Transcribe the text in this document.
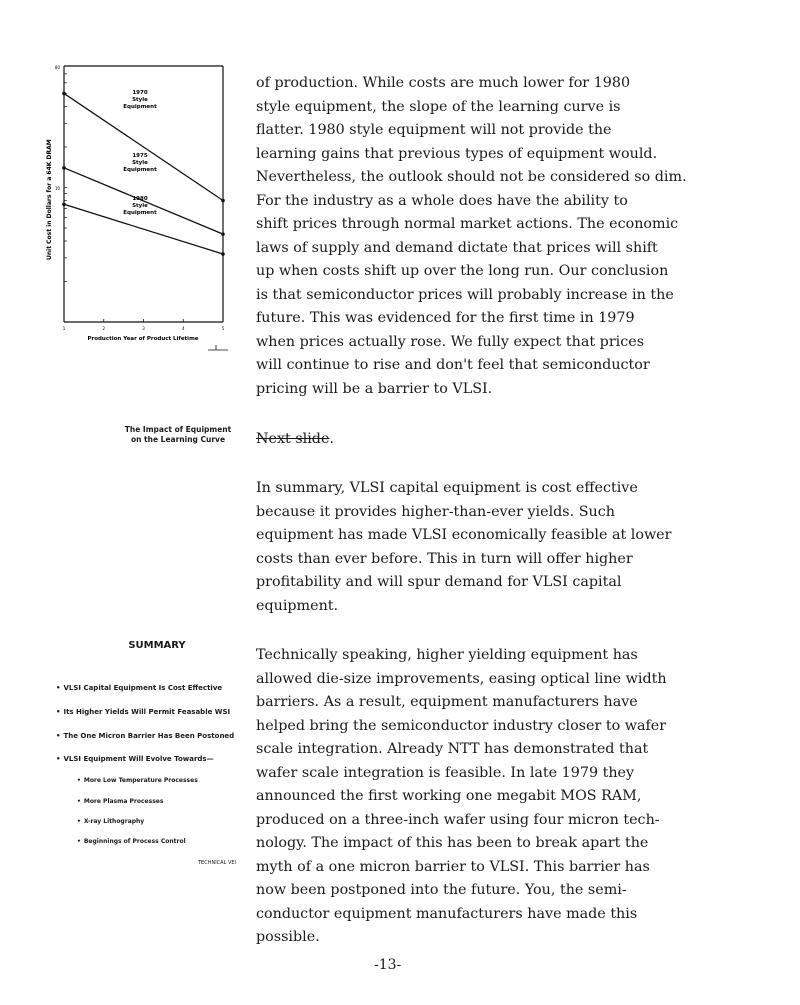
80
10
Unit Cost in Dollars for a 64K DRAM
Production Year of Product Lifetime
1	2	3	4	5
1970
Style
Equipment
1975
Style
Equipment
1980
Style
Equipment
The Impact of Equipment
on the Learning Curve
SUMMARY
• VLSI Capital Equipment Is Cost Effective
• Its Higher Yields Will Permit Feasable WSI
• The One Micron Barrier Has Been Postoned
• VLSI Equipment Will Evolve Towards—
• More Low Temperature Processes
• More Plasma Processes
• X-ray Lithography
• Beginnings of Process Control
TECHNICAL VEI

of production. While costs are much lower for 1980

style equipment, the slope of the learning curve is

flatter. 1980 style equipment will not provide the

learning gains that previous types of equipment would.

Nevertheless, the outlook should not be considered so dim.

For the industry as a whole does have the ability to

shift prices through normal market actions. The economic

laws of supply and demand dictate that prices will shift

up when costs shift up over the long run. Our conclusion

is that semiconductor prices will probably increase in the

future. This was evidenced for the first time in 1979

when prices actually rose. We fully expect that prices

will continue to rise and don't feel that semiconductor

pricing will be a barrier to VLSI.

Next slide.

In summary, VLSI capital equipment is cost effective

because it provides higher-than-ever yields. Such

equipment has made VLSI economically feasible at lower

costs than ever before. This in turn will offer higher

profitability and will spur demand for VLSI capital

equipment.

Technically speaking, higher yielding equipment has

allowed die-size improvements, easing optical line width

barriers. As a result, equipment manufacturers have

helped bring the semiconductor industry closer to wafer

scale integration. Already NTT has demonstrated that

wafer scale integration is feasible. In late 1979 they

announced the first working one megabit MOS RAM,

produced on a three-inch wafer using four micron tech-

nology. The impact of this has been to break apart the

myth of a one micron barrier to VLSI. This barrier has

now been postponed into the future. You, the semi-

conductor equipment manufacturers have made this

possible.

-13-
